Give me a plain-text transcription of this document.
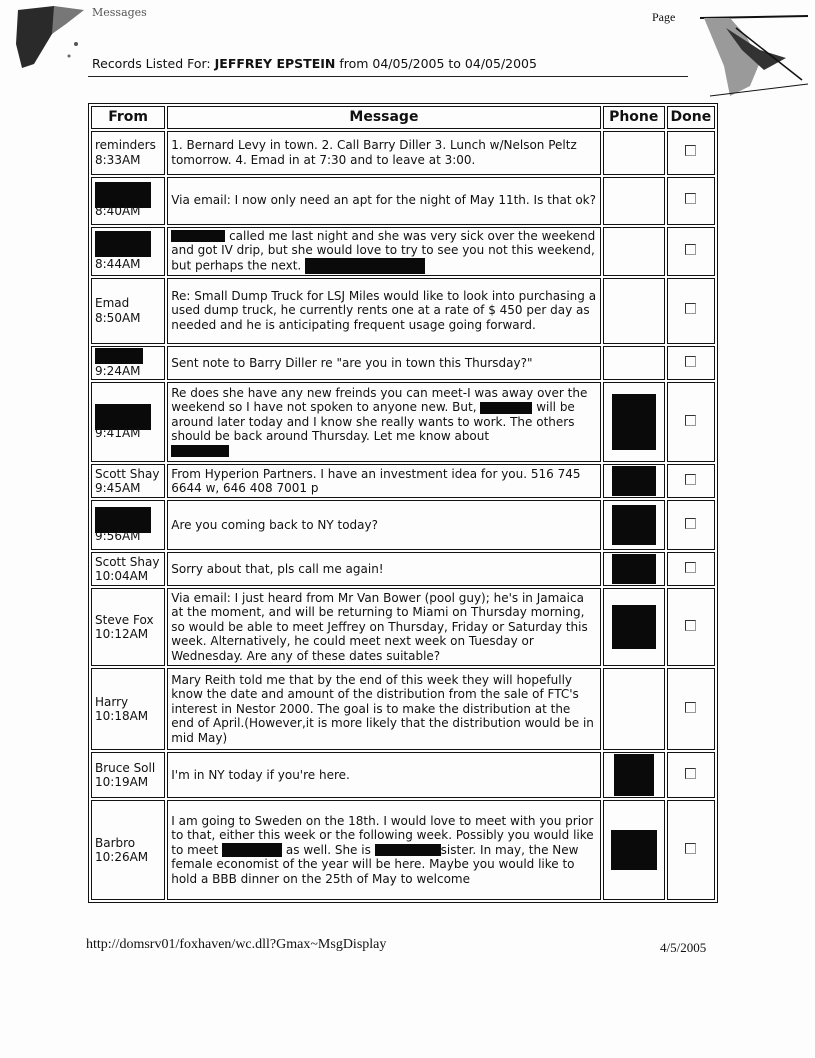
Messages	Page
Records Listed For: JEFFREY EPSTEIN from 04/05/2005 to 04/05/2005
From	Message	Phone	Done

reminders
8:33AM	1. Bernard Levy in town. 2. Call Barry Diller 3. Lunch w/Nelson Peltz tomorrow. 4. Emad in at 7:30 and to leave at 3:00.		

8:40AM	Via email: I now only need an apt for the night of May 11th. Is that ok?		

8:44AM	called me last night and she was very sick over the weekend and got IV drip, but she would love to try to see you not this weekend, but perhaps the next.		

Emad
8:50AM	Re: Small Dump Truck for LSJ Miles would like to look into purchasing a used dump truck, he currently rents one at a rate of $ 450 per day as needed and he is anticipating frequent usage going forward.		

9:24AM	Sent note to Barry Diller re "are you in town this Thursday?"		

9:41AM	Re does she have any new freinds you can meet-I was away over the weekend so I have not spoken to anyone new. But, will be around later today and I know she really wants to work. The others should be back around Thursday. Let me know about

Scott Shay
9:45AM	From Hyperion Partners. I have an investment idea for you. 516 745 6644 w, 646 408 7001 p	

9:56AM	Are you coming back to NY today?	

Scott Shay
10:04AM	Sorry about that, pls call me again!	

Steve Fox
10:12AM	Via email: I just heard from Mr Van Bower (pool guy); he's in Jamaica at the moment, and will be returning to Miami on Thursday morning, so would be able to meet Jeffrey on Thursday, Friday or Saturday this week. Alternatively, he could meet next week on Tuesday or Wednesday. Are any of these dates suitable?	

Harry
10:18AM	Mary Reith told me that by the end of this week they will hopefully know the date and amount of the distribution from the sale of FTC's interest in Nestor 2000. The goal is to make the distribution at the end of April.(However,it is more likely that the distribution would be in mid May)		

Bruce Soll
10:19AM	I'm in NY today if you're here.	

Barbro
10:26AM	I am going to Sweden on the 18th. I would love to meet with you prior to that, either this week or the following week. Possibly you would like to meet as well. She is sister. In may, the New female economist of the year will be here. Maybe you would like to hold a BBB dinner on the 25th of May to welcome	

http://domsrv01/foxhaven/wc.dll?Gmax~MsgDisplay	4/5/2005
